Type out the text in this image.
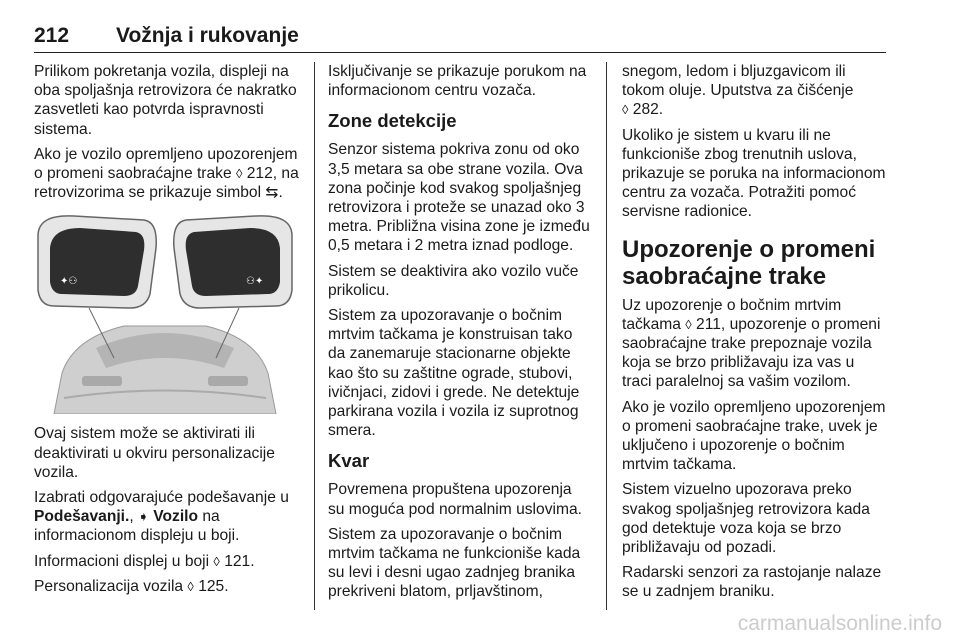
212 Vožnja i rukovanje

Prilikom pokretanja vozila, displeji na oba spoljašnja retrovizora će nakratko zasvetleti kao potvrda ispravnosti sistema.

Ako je vozilo opremljeno upozorenjem o promeni saobraćajne trake ◊ 212, na retrovizorima se prikazuje simbol ⇆.

✦⚇	⚇✦

Ovaj sistem može se aktivirati ili deaktivirati u okviru personalizacije vozila.

Izabrati odgovarajuće podešavanje u Podešavanji., ➧ Vozilo na informacionom displeju u boji.

Informacioni displej u boji ◊ 121.

Personalizacija vozila ◊ 125.

Isključivanje se prikazuje porukom na informacionom centru vozača.

Zone detekcije

Senzor sistema pokriva zonu od oko 3,5 metara sa obe strane vozila. Ova zona počinje kod svakog spoljašnjeg retrovizora i proteže se unazad oko 3 metra. Približna visina zone je između 0,5 metara i 2 metra iznad podloge.

Sistem se deaktivira ako vozilo vuče prikolicu.

Sistem za upozoravanje o bočnim mrtvim tačkama je konstruisan tako da zanemaruje stacionarne objekte kao što su zaštitne ograde, stubovi, ivičnjaci, zidovi i grede. Ne detektuje parkirana vozila i vozila iz suprotnog smera.

Kvar

Povremena propuštena upozorenja su moguća pod normalnim uslovima.

Sistem za upozoravanje o bočnim mrtvim tačkama ne funkcioniše kada su levi i desni ugao zadnjeg branika prekriveni blatom, prljavštinom,

snegom, ledom i bljuzgavicom ili tokom oluje. Uputstva za čišćenje
◊ 282.

Ukoliko je sistem u kvaru ili ne funkcioniše zbog trenutnih uslova, prikazuje se poruka na informacionom centru za vozača. Potražiti pomoć servisne radionice.

Upozorenje o promeni saobraćajne trake

Uz upozorenje o bočnim mrtvim tačkama ◊ 211, upozorenje o promeni saobraćajne trake prepoznaje vozila koja se brzo približavaju iza vas u traci paralelnoj sa vašim vozilom.

Ako je vozilo opremljeno upozorenjem o promeni saobraćajne trake, uvek je uključeno i upozorenje o bočnim mrtvim tačkama.

Sistem vizuelno upozorava preko svakog spoljašnjeg retrovizora kada god detektuje voza koja se brzo približavaju od pozadi.

Radarski senzori za rastojanje nalaze se u zadnjem braniku.

carmanualsonline.info
